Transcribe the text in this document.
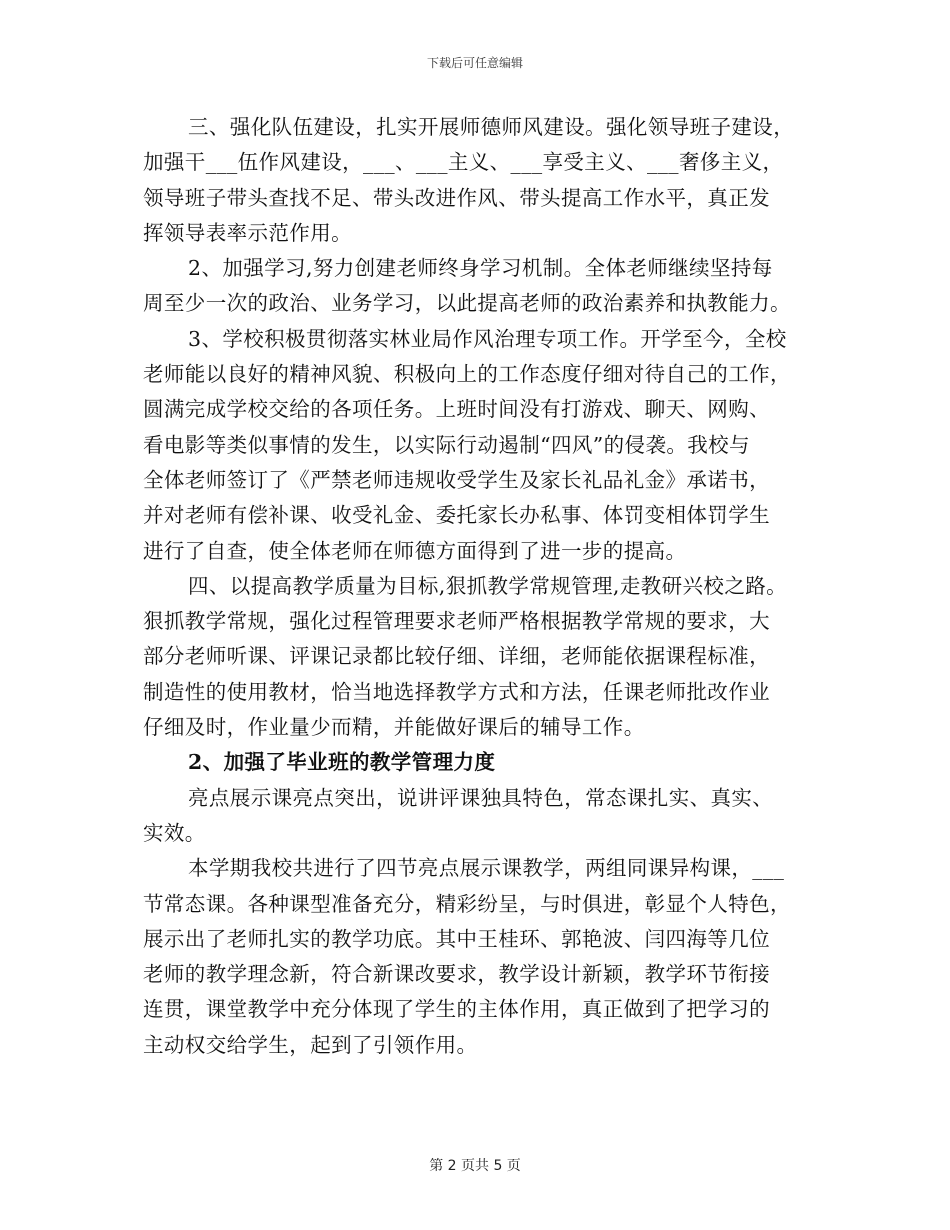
下载后可任意编辑
三、强化队伍建设，扎实开展师德师风建设。强化领导班子建设，
加强干___伍作风建设，___、___主义、___享受主义、___奢侈主义，
领导班子带头查找不足、带头改进作风、带头提高工作水平，真正发
挥领导表率示范作用。
2、加强学习,努力创建老师终身学习机制。全体老师继续坚持每
周至少一次的政治、业务学习，以此提高老师的政治素养和执教能力。
3、学校积极贯彻落实林业局作风治理专项工作。开学至今，全校
老师能以良好的精神风貌、积极向上的工作态度仔细对待自己的工作，
圆满完成学校交给的各项任务。上班时间没有打游戏、聊天、网购、
看电影等类似事情的发生，以实际行动遏制“四风”的侵袭。我校与
全体老师签订了《严禁老师违规收受学生及家长礼品礼金》承诺书，
并对老师有偿补课、收受礼金、委托家长办私事、体罚变相体罚学生
进行了自查，使全体老师在师德方面得到了进一步的提高。
四、以提高教学质量为目标,狠抓教学常规管理,走教研兴校之路。
狠抓教学常规，强化过程管理要求老师严格根据教学常规的要求，大
部分老师听课、评课记录都比较仔细、详细，老师能依据课程标准，
制造性的使用教材，恰当地选择教学方式和方法，任课老师批改作业
仔细及时，作业量少而精，并能做好课后的辅导工作。
2、加强了毕业班的教学管理力度
亮点展示课亮点突出，说讲评课独具特色，常态课扎实、真实、
实效。
本学期我校共进行了四节亮点展示课教学，两组同课异构课，___
节常态课。各种课型准备充分，精彩纷呈，与时俱进，彰显个人特色，
展示出了老师扎实的教学功底。其中王桂环、郭艳波、闫四海等几位
老师的教学理念新，符合新课改要求，教学设计新颖，教学环节衔接
连贯，课堂教学中充分体现了学生的主体作用，真正做到了把学习的
主动权交给学生，起到了引领作用。
第 2 页共 5 页
